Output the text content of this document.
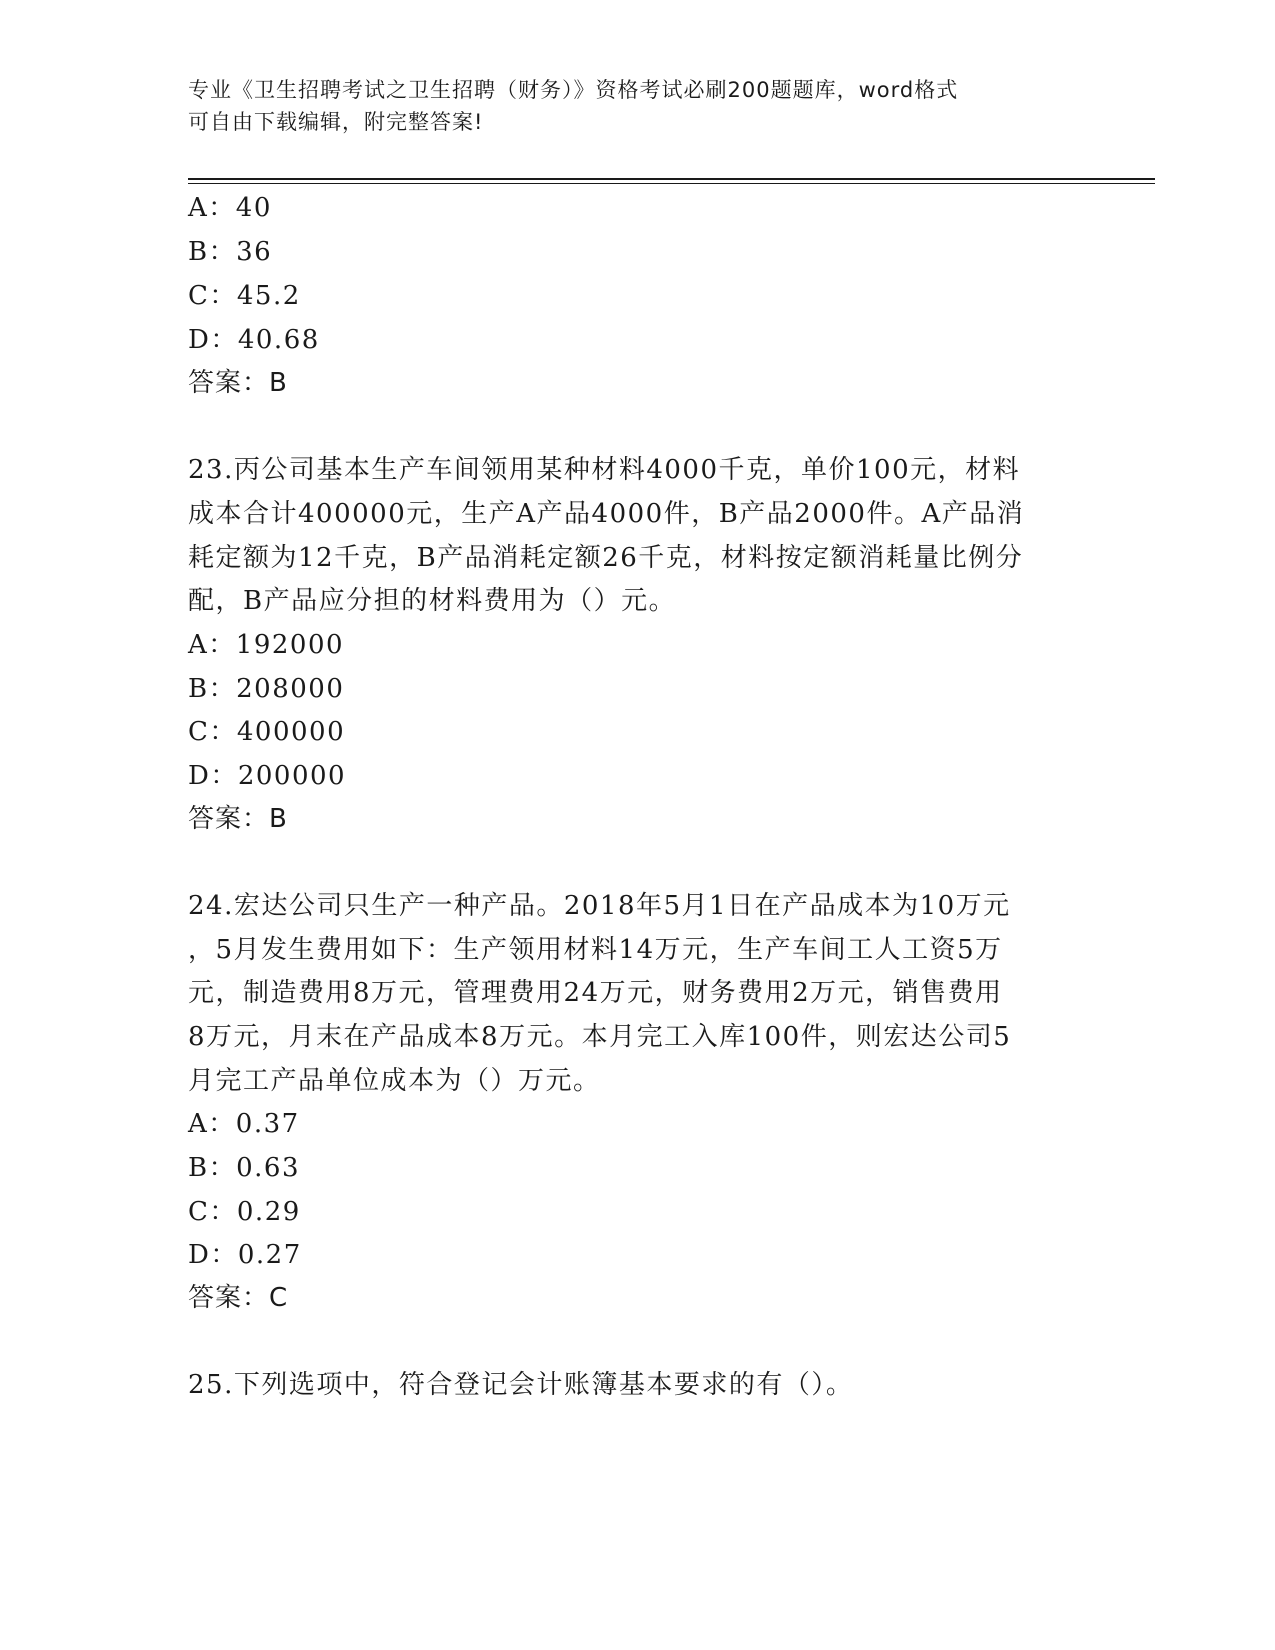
专业《卫生招聘考试之卫生招聘（财务）》资格考试必刷200题题库，word格式
可自由下载编辑，附完整答案!
A：40
B：36
C：45.2
D：40.68
答案：B
23.丙公司基本生产车间领用某种材料4000千克，单价100元，材料
成本合计400000元，生产A产品4000件，B产品2000件。A产品消
耗定额为12千克，B产品消耗定额26千克，材料按定额消耗量比例分
配，B产品应分担的材料费用为（）元。
A：192000
B：208000
C：400000
D：200000
答案：B
24.宏达公司只生产一种产品。2018年5月1日在产品成本为10万元
，5月发生费用如下：生产领用材料14万元，生产车间工人工资5万
元，制造费用8万元，管理费用24万元，财务费用2万元，销售费用
8万元，月末在产品成本8万元。本月完工入库100件，则宏达公司5
月完工产品单位成本为（）万元。
A：0.37
B：0.63
C：0.29
D：0.27
答案：C
25.下列选项中，符合登记会计账簿基本要求的有（）。
